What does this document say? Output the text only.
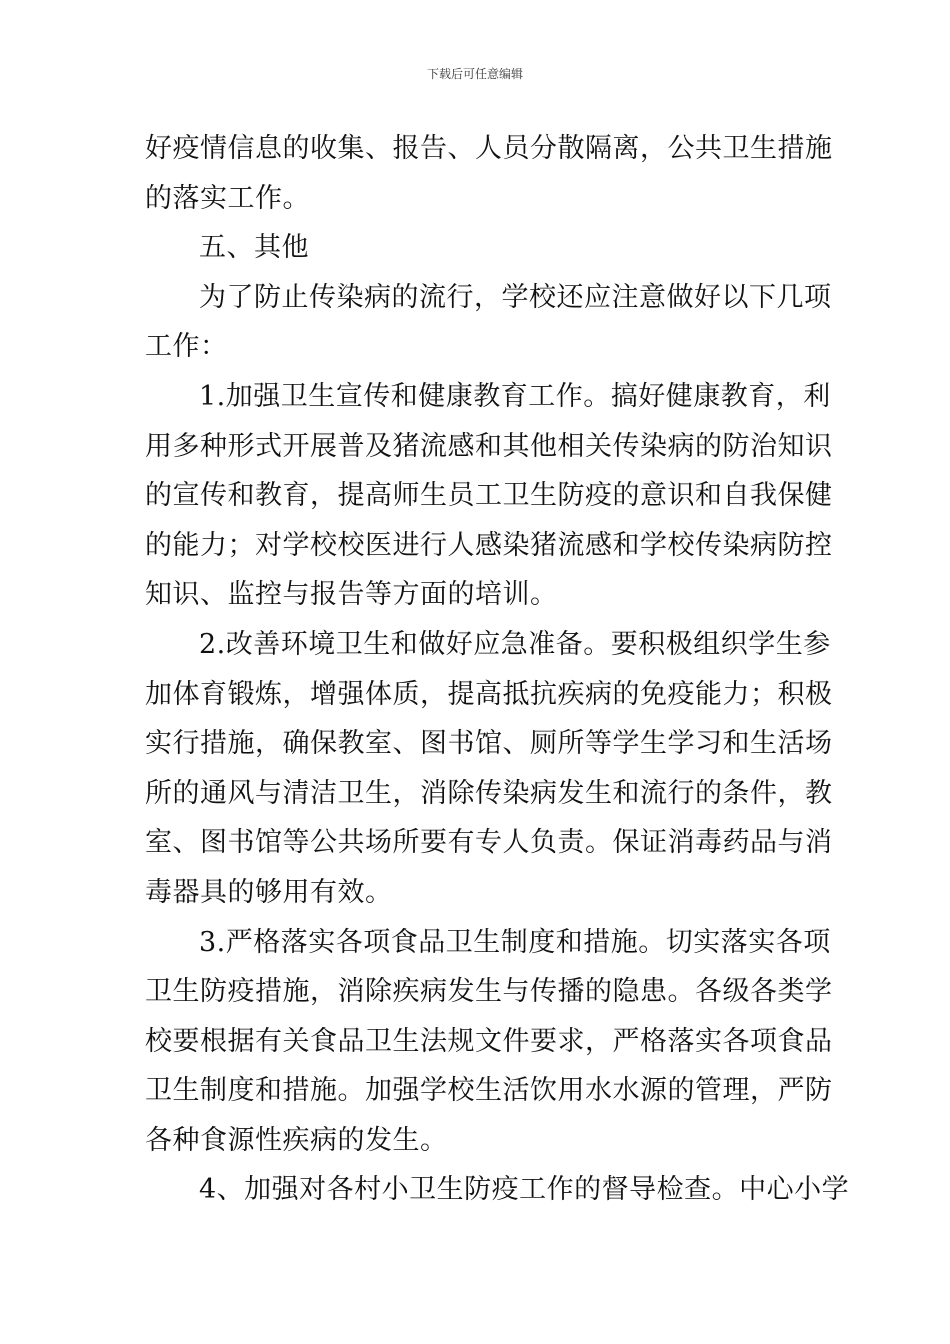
下载后可任意编辑
好疫情信息的收集、报告、人员分散隔离，公共卫生措施
的落实工作。
五、其他
为了防止传染病的流行，学校还应注意做好以下几项
工作：
1.加强卫生宣传和健康教育工作。搞好健康教育，利
用多种形式开展普及猪流感和其他相关传染病的防治知识
的宣传和教育，提高师生员工卫生防疫的意识和自我保健
的能力；对学校校医进行人感染猪流感和学校传染病防控
知识、监控与报告等方面的培训。
2.改善环境卫生和做好应急准备。要积极组织学生参
加体育锻炼，增强体质，提高抵抗疾病的免疫能力；积极
实行措施，确保教室、图书馆、厕所等学生学习和生活场
所的通风与清洁卫生，消除传染病发生和流行的条件，教
室、图书馆等公共场所要有专人负责。保证消毒药品与消
毒器具的够用有效。
3.严格落实各项食品卫生制度和措施。切实落实各项
卫生防疫措施，消除疾病发生与传播的隐患。各级各类学
校要根据有关食品卫生法规文件要求，严格落实各项食品
卫生制度和措施。加强学校生活饮用水水源的管理，严防
各种食源性疾病的发生。
4、加强对各村小卫生防疫工作的督导检查。中心小学
